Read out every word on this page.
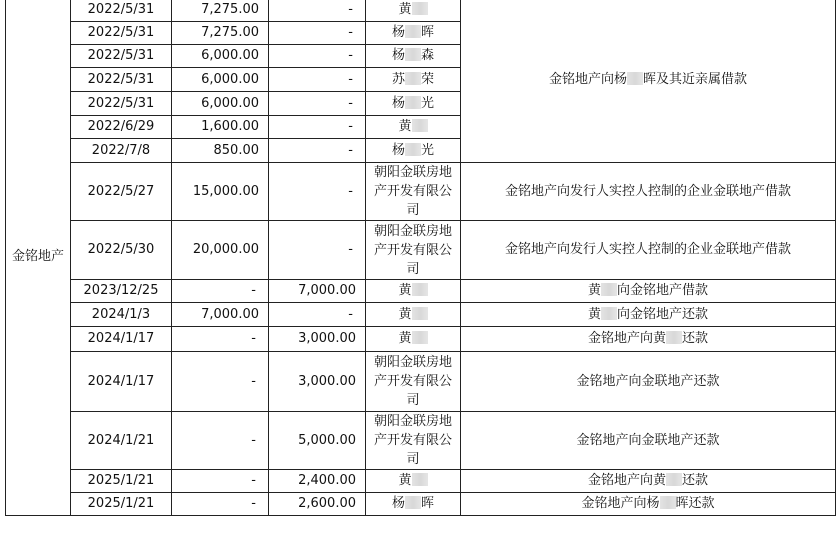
金铭地产	2022/5/31	7,275.00	-	黄	金铭地产向杨 晖及其近亲属借款
	2022/5/31	7,275.00	-	杨 晖	
	2022/5/31	6,000.00	-	杨 森	
	2022/5/31	6,000.00	-	苏 荣	
	2022/5/31	6,000.00	-	杨 光	
	2022/6/29	1,600.00	-	黄	
	2022/7/8	850.00	-	杨 光	
	2022/5/27	15,000.00	-	朝阳金联房地产开发有限公司	金铭地产向发行人实控人控制的企业金联地产借款
	2022/5/30	20,000.00	-	朝阳金联房地产开发有限公司	金铭地产向发行人实控人控制的企业金联地产借款
	2023/12/25	-	7,000.00	黄	黄 向金铭地产借款
	2024/1/3	7,000.00	-	黄	黄 向金铭地产还款
	2024/1/17	-	3,000.00	黄	金铭地产向黄 还款
	2024/1/17	-	3,000.00	朝阳金联房地产开发有限公司	金铭地产向金联地产还款
	2024/1/21	-	5,000.00	朝阳金联房地产开发有限公司	金铭地产向金联地产还款
	2025/1/21	-	2,400.00	黄	金铭地产向黄 还款
	2025/1/21	-	2,600.00	杨 晖	金铭地产向杨 晖还款
